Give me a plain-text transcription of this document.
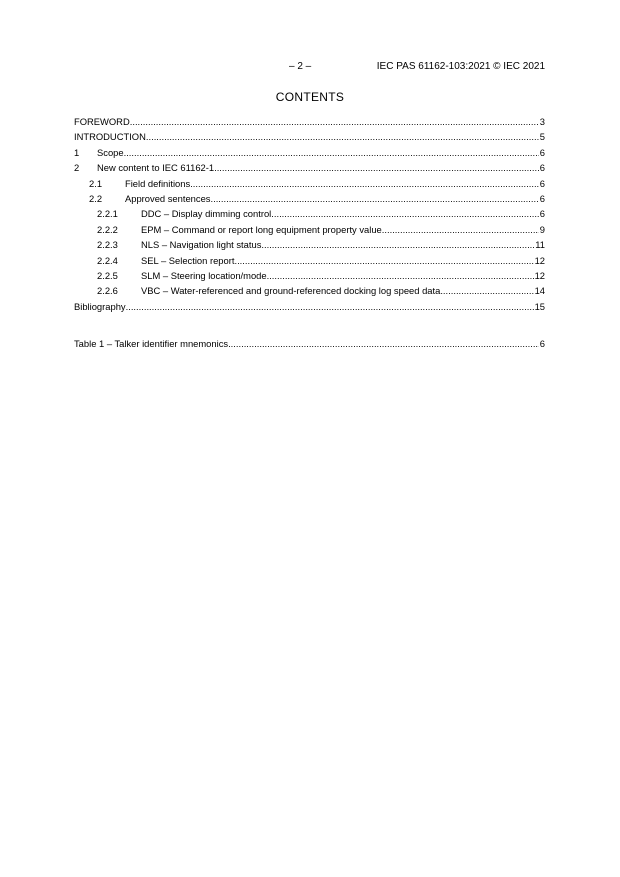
– 2 –	IEC PAS 61162-103:2021 © IEC 2021
CONTENTS
FOREWORD .....	3
INTRODUCTION .....	5
1	Scope .....	6
2	New content to IEC 61162-1 .....	6
2.1	Field definitions .....	6
2.2	Approved sentences .....	6
2.2.1	DDC – Display dimming control .....	6
2.2.2	EPM – Command or report long equipment property value .....	9
2.2.3	NLS – Navigation light status .....	11
2.2.4	SEL – Selection report .....	12
2.2.5	SLM – Steering location/mode .....	12
2.2.6	VBC – Water-referenced and ground-referenced docking log speed data .....	14
Bibliography .....	15
Table 1 – Talker identifier mnemonics .....	6
